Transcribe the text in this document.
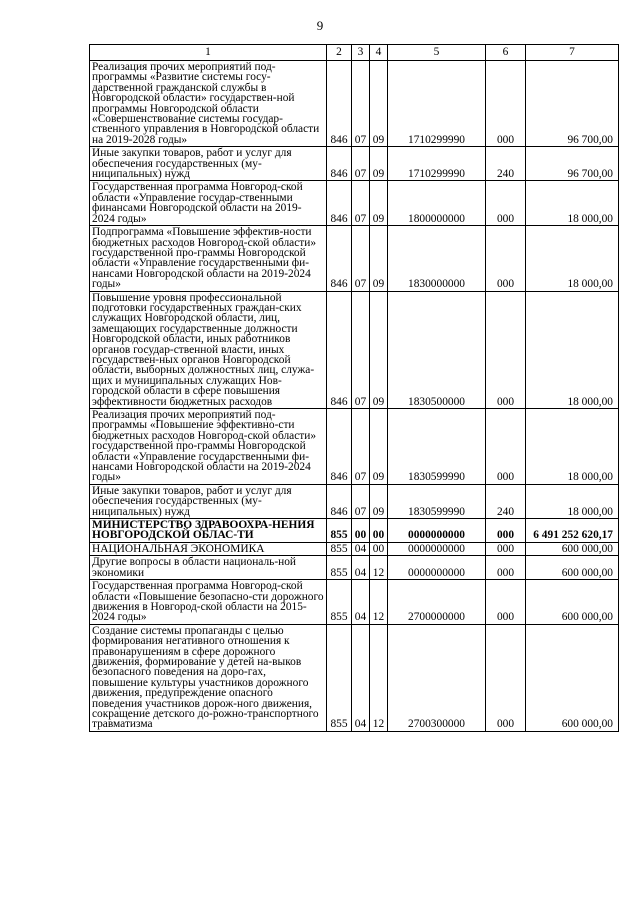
9
1	2	3	4	5	6	7
Реализация прочих мероприятий под-программы «Развитие системы госу-дарственной гражданской службы в Новгородской области» государствен-ной программы Новгородской области «Совершенствование системы государ-ственного управления в Новгородской области на 2019-2028 годы»	846	07	09	1710299990	000	96 700,00
Иные закупки товаров, работ и услуг для обеспечения государственных (му-ниципальных) нужд	846	07	09	1710299990	240	96 700,00
Государственная программа Новгород-ской области «Управление государ-ственными финансами Новгородской области на 2019-2024 годы»	846	07	09	1800000000	000	18 000,00
Подпрограмма «Повышение эффектив-ности бюджетных расходов Новгород-ской области» государственной про-граммы Новгородской области «Управление государственными фи-нансами Новгородской области на 2019-2024 годы»	846	07	09	1830000000	000	18 000,00
Повышение уровня профессиональной подготовки государственных граждан-ских служащих Новгородской области, лиц, замещающих государственные должности Новгородской области, иных работников органов государ-ственной власти, иных государствен-ных органов Новгородской области, выборных должностных лиц, служа-щих и муниципальных служащих Нов-городской области в сфере повышения эффективности бюджетных расходов	846	07	09	1830500000	000	18 000,00
Реализация прочих мероприятий под-программы «Повышение эффективно-сти бюджетных расходов Новгород-ской области» государственной про-граммы Новгородской области «Управление государственными фи-нансами Новгородской области на 2019-2024 годы»	846	07	09	1830599990	000	18 000,00
Иные закупки товаров, работ и услуг для обеспечения государственных (му-ниципальных) нужд	846	07	09	1830599990	240	18 000,00
МИНИСТЕРСТВО ЗДРАВООХРА-НЕНИЯ НОВГОРОДСКОЙ ОБЛАС-ТИ	855	00	00	0000000000	000	6 491 252 620,17
НАЦИОНАЛЬНАЯ ЭКОНОМИКА	855	04	00	0000000000	000	600 000,00
Другие вопросы в области националь-ной экономики	855	04	12	0000000000	000	600 000,00
Государственная программа Новгород-ской области «Повышение безопасно-сти дорожного движения в Новгород-ской области на 2015-2024 годы»	855	04	12	2700000000	000	600 000,00
Создание системы пропаганды с целью формирования негативного отношения к правонарушениям в сфере дорожного движения, формирование у детей на-выков безопасного поведения на доро-гах, повышение культуры участников дорожного движения, предупреждение опасного поведения участников дорож-ного движения, сокращение детского до-рожно-транспортного травматизма	855	04	12	2700300000	000	600 000,00
